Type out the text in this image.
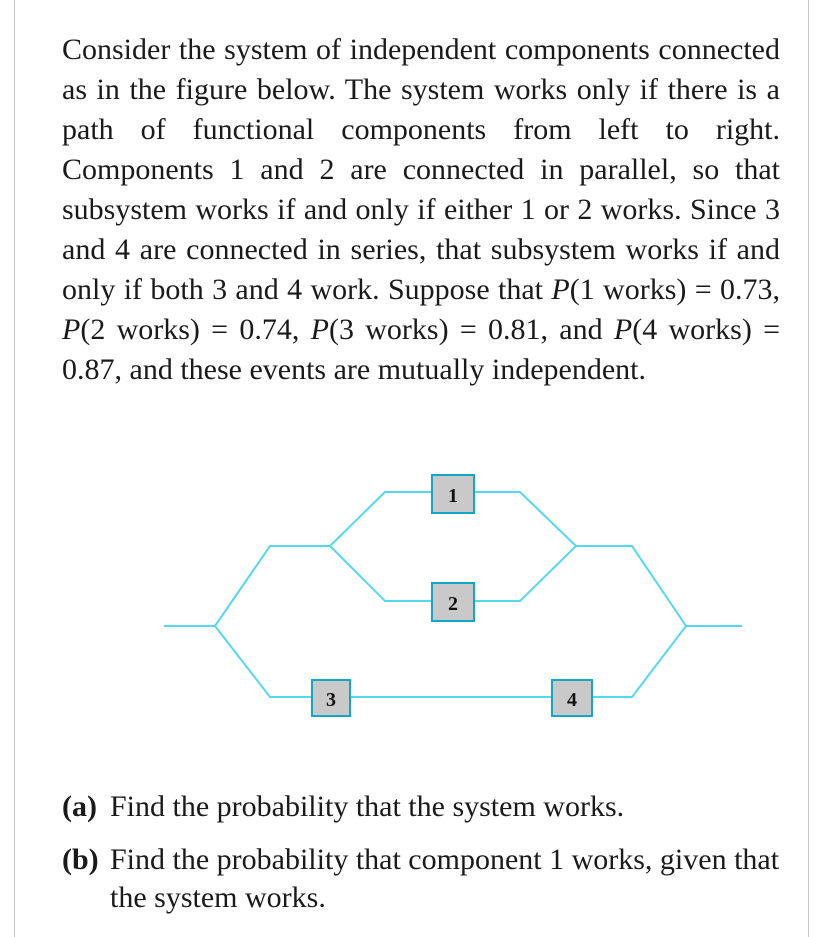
Consider the system of independent components connected as in the figure below. The system works only if there is a path of functional components from left to right. Components 1 and 2 are connected in parallel, so that subsystem works if and only if either 1 or 2 works. Since 3 and 4 are connected in series, that subsystem works if and only if both 3 and 4 work. Suppose that P(1 works) = 0.73, P(2 works) = 0.74, P(3 works) = 0.81, and P(4 works) = 0.87, and these events are mutually independent.

1
2
3	4
(a) Find the probability that the system works.
(b) Find the probability that component 1 works, given that the system works.
